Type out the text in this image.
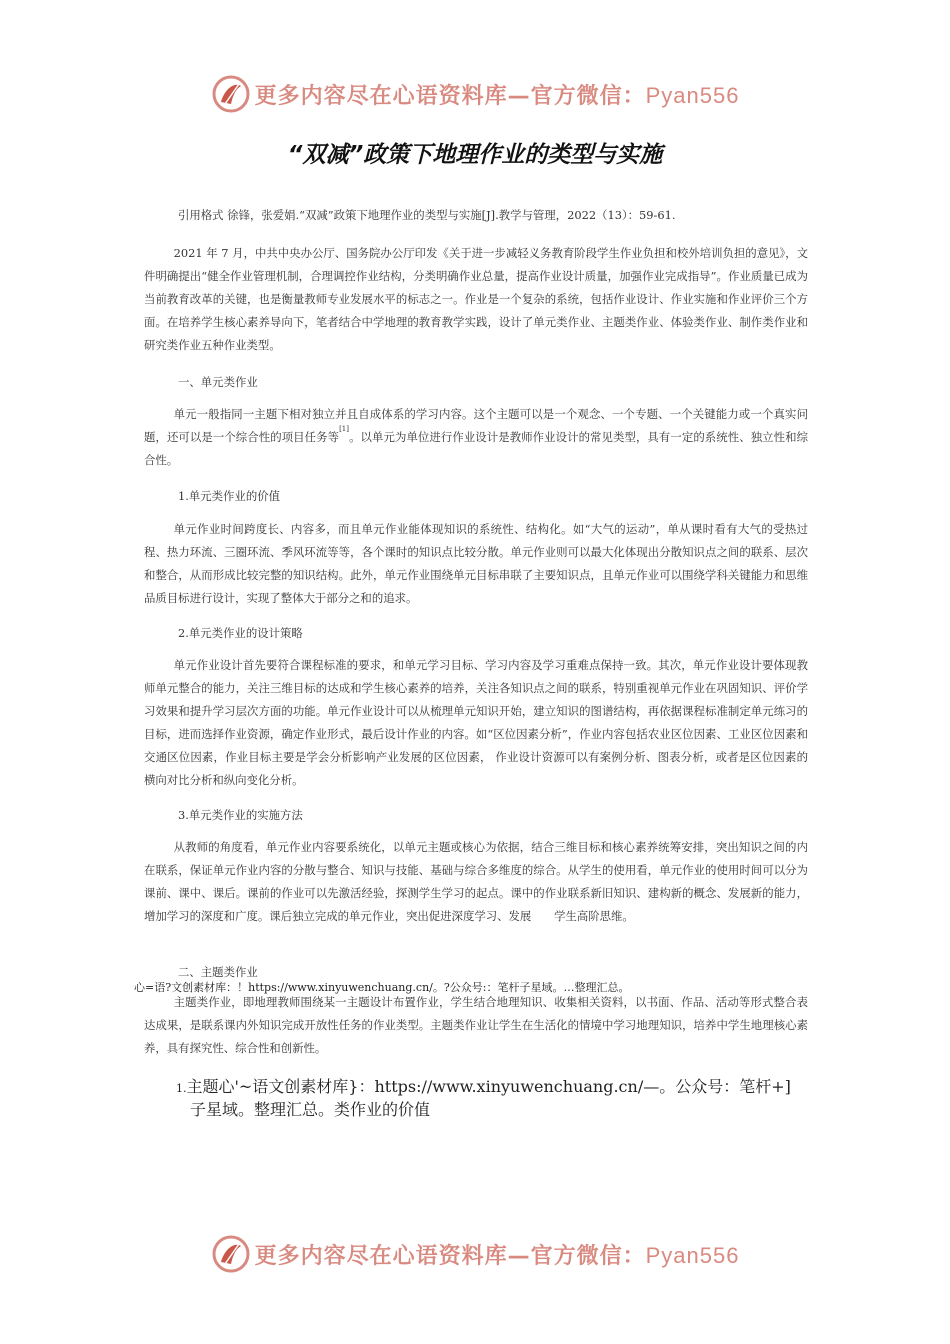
更多内容尽在心语资料库—官方微信：Pyan556
“双减”政策下地理作业的类型与实施

引用格式 徐锋，张爱娟.“双减”政策下地理作业的类型与实施[J].教学与管理，2022（13）：59-61.

2021 年 7 月，中共中央办公厅、国务院办公厅印发《关于进一步减轻义务教育阶段学生作业负担和校外培训负担的意见》，文件明确提出“健全作业管理机制，合理调控作业结构，分类明确作业总量，提高作业设计质量，加强作业完成指导”。作业质量已成为当前教育改革的关键，也是衡量教师专业发展水平的标志之一。作业是一个复杂的系统，包括作业设计、作业实施和作业评价三个方面。在培养学生核心素养导向下，笔者结合中学地理的教育教学实践，设计了单元类作业、主题类作业、体验类作业、制作类作业和研究类作业五种作业类型。

一、单元类作业

单元一般指同一主题下相对独立并且自成体系的学习内容。这个主题可以是一个观念、一个专题、一个关键能力或一个真实问题，还可以是一个综合性的项目任务等[1]。以单元为单位进行作业设计是教师作业设计的常见类型，具有一定的系统性、独立性和综合性。

1.单元类作业的价值

单元作业时间跨度长、内容多，而且单元作业能体现知识的系统性、结构化。如“大气的运动”，单从课时看有大气的受热过程、热力环流、三圈环流、季风环流等等，各个课时的知识点比较分散。单元作业则可以最大化体现出分散知识点之间的联系、层次和整合，从而形成比较完整的知识结构。此外，单元作业围绕单元目标串联了主要知识点，且单元作业可以围绕学科关键能力和思维品质目标进行设计，实现了整体大于部分之和的追求。

2.单元类作业的设计策略

单元作业设计首先要符合课程标准的要求，和单元学习目标、学习内容及学习重难点保持一致。其次，单元作业设计要体现教师单元整合的能力，关注三维目标的达成和学生核心素养的培养，关注各知识点之间的联系，特别重视单元作业在巩固知识、评价学习效果和提升学习层次方面的功能。单元作业设计可以从梳理单元知识开始，建立知识的图谱结构，再依据课程标准制定单元练习的目标，进而选择作业资源，确定作业形式，最后设计作业的内容。如“区位因素分析”，作业内容包括农业区位因素、工业区位因素和交通区位因素，作业目标主要是学会分析影响产业发展的区位因素， 作业设计资源可以有案例分析、图表分析，或者是区位因素的横向对比分析和纵向变化分析。

3.单元类作业的实施方法

从教师的角度看，单元作业内容要系统化，以单元主题或核心为依据，结合三维目标和核心素养统筹安排，突出知识之间的内在联系，保证单元作业内容的分散与整合、知识与技能、基础与综合多维度的综合。从学生的使用看，单元作业的使用时间可以分为课前、课中、课后。课前的作业可以先激活经验，探测学生学习的起点。课中的作业联系新旧知识、建构新的概念、发展新的能力，增加学习的深度和广度。课后独立完成的单元作业，突出促进深度学习、发展　　学生高阶思维。

二、主题类作业

心=语?文创素材库：！https://www.xinyuwenchuang.cn/。?公众号:：笔杆子星域。…整理汇总。

主题类作业，即地理教师围绕某一主题设计布置作业，学生结合地理知识、收集相关资料，以书面、作品、活动等形式整合表达成果，是联系课内外知识完成开放性任务的作业类型。主题类作业让学生在生活化的情境中学习地理知识，培养中学生地理核心素养，具有探究性、综合性和创新性。

1.主题心'~语文创素材库}：https://www.xinyuwenchuang.cn/—。公众号：笔杆+]
子星域。整理汇总。类作业的价值

更多内容尽在心语资料库—官方微信：Pyan556
